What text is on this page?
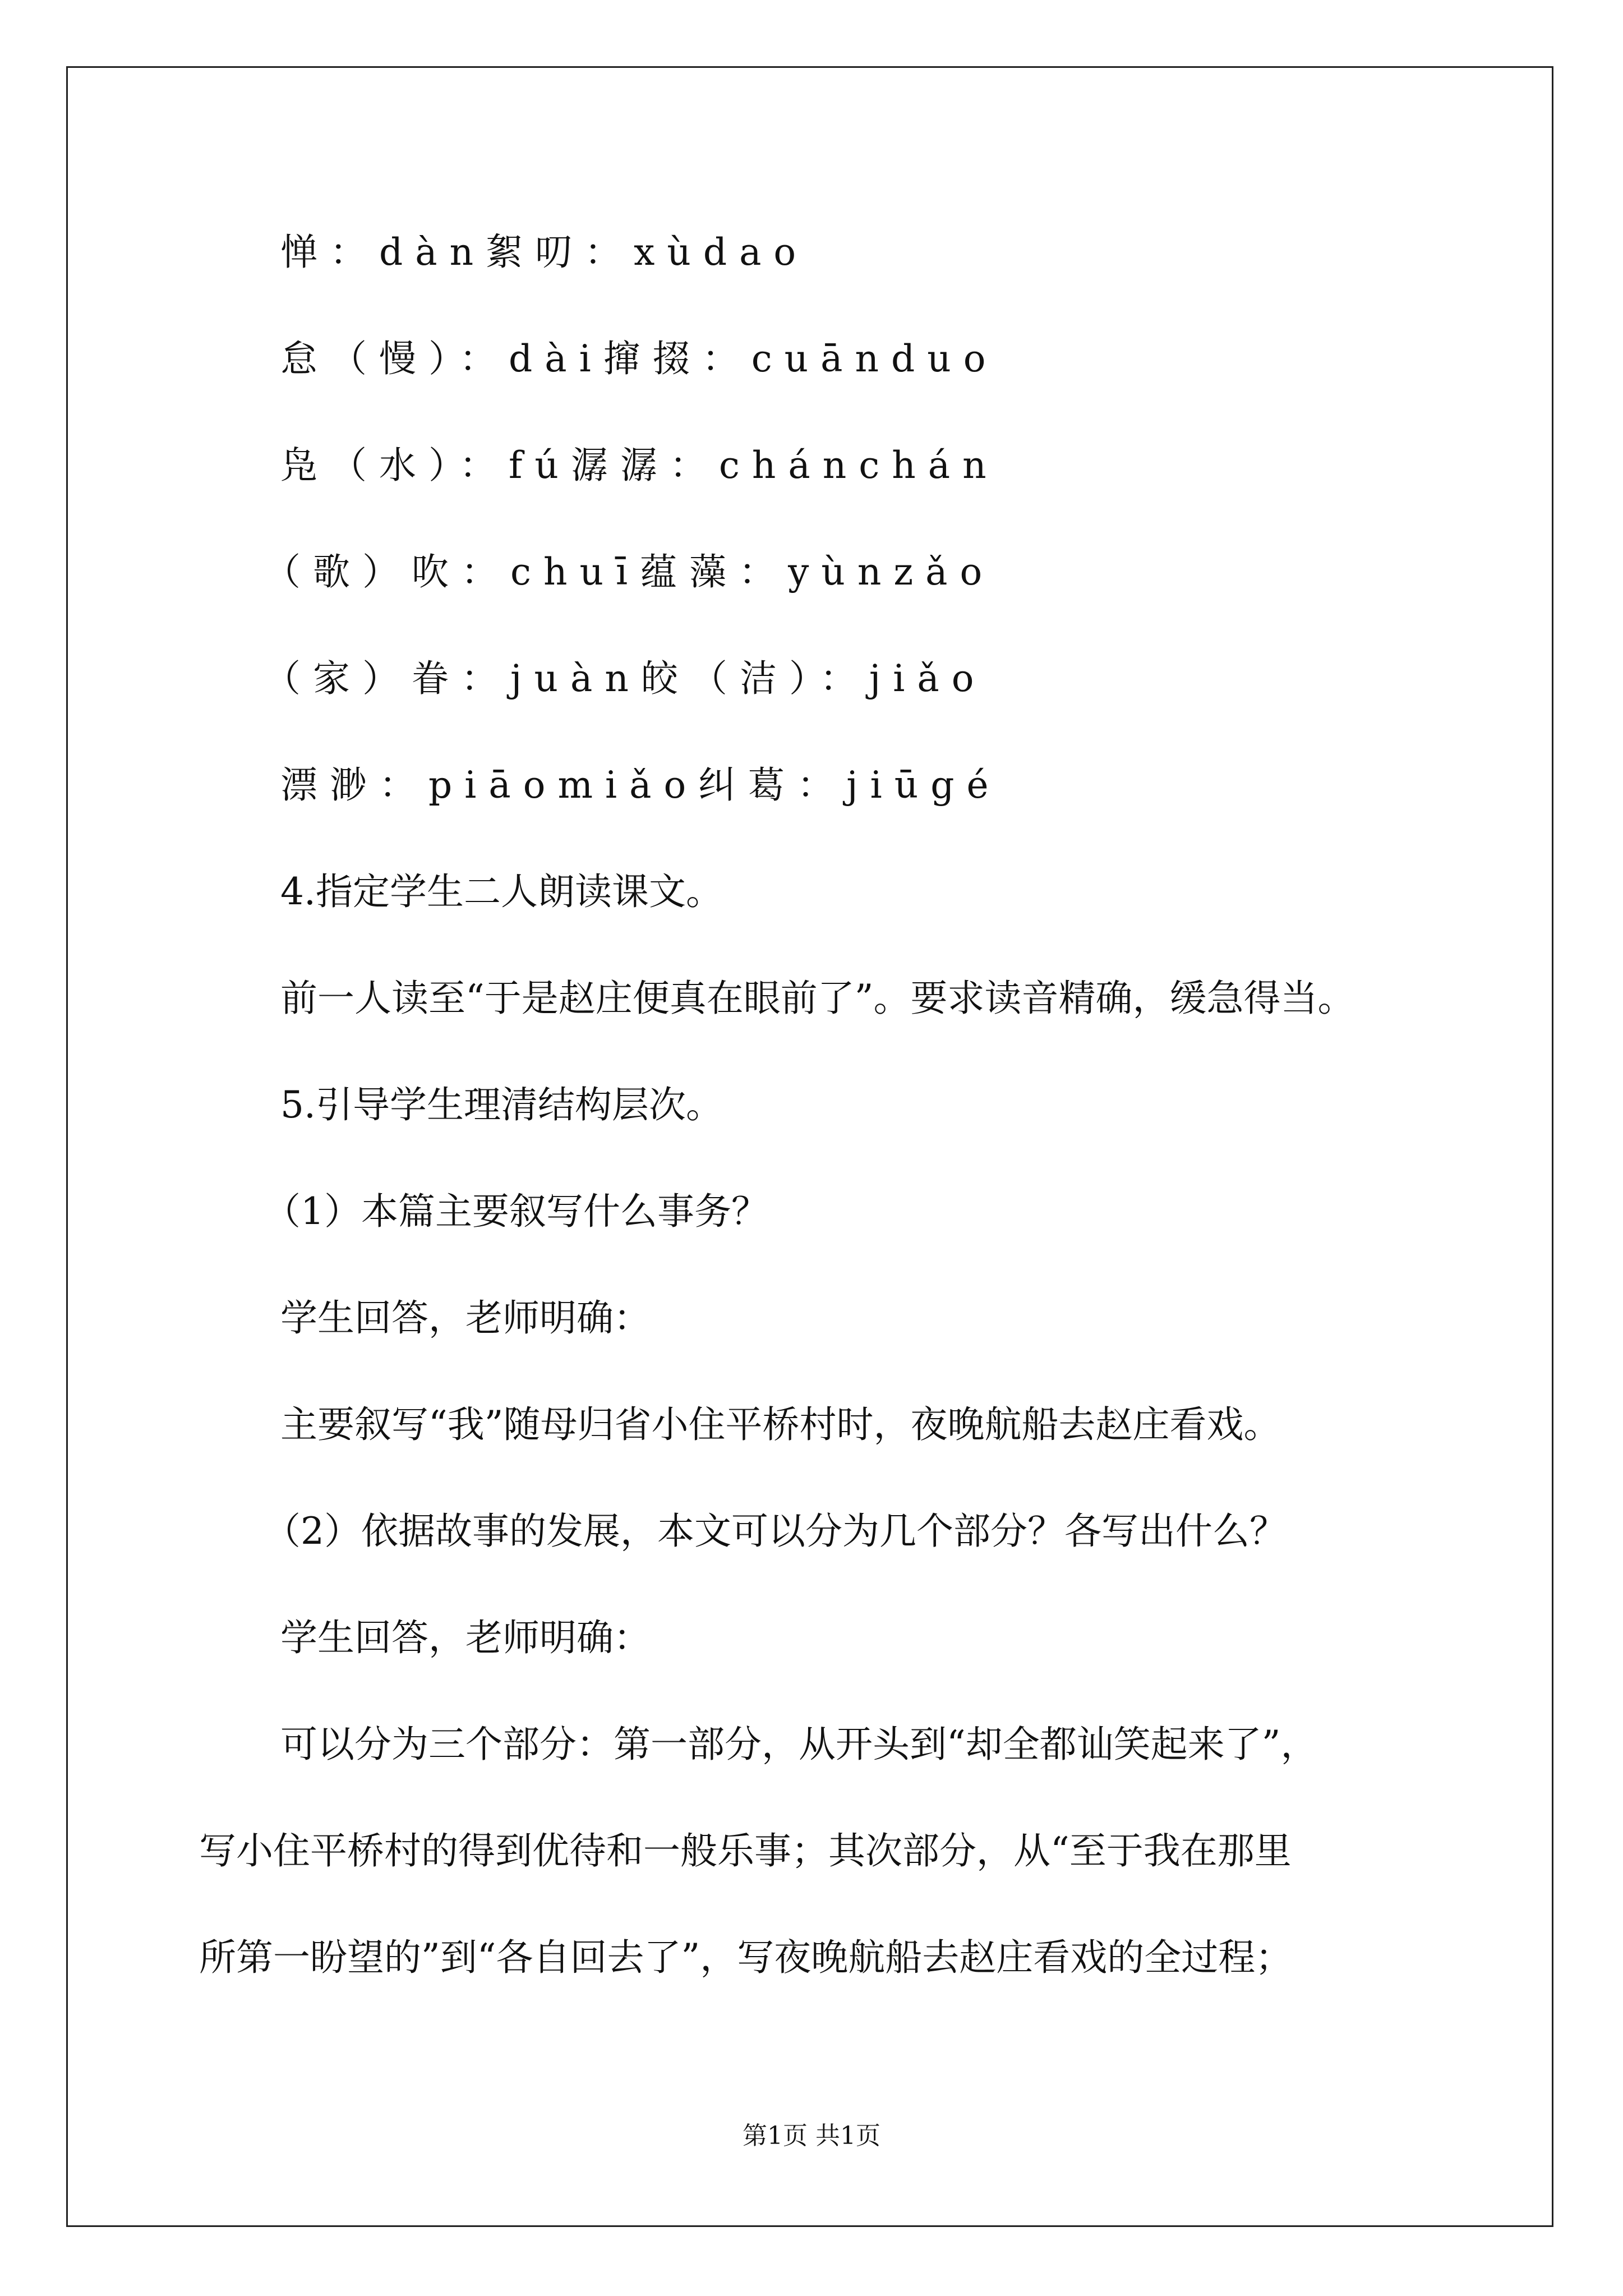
惮：dàn絮叨：xùdao
怠（慢）：dài撺掇：cuānduo
凫（水）：fú潺潺：chánchán
（歌）吹：chuī蕴藻：yùnzǎo
（家）眷：juàn皎（洁）：jiǎo
漂渺：piāomiǎo纠葛：jiūgé
4.指定学生二人朗读课文。
前一人读至“于是赵庄便真在眼前了”。要求读音精确，缓急得当。
5.引导学生理清结构层次。
（1）本篇主要叙写什么事务？
学生回答，老师明确：
主要叙写“我”随母归省小住平桥村时，夜晚航船去赵庄看戏。
（2）依据故事的发展，本文可以分为几个部分？各写出什么？
学生回答，老师明确：
可以分为三个部分：第一部分，从开头到“却全都讪笑起来了”，
写小住平桥村的得到优待和一般乐事；其次部分，从“至于我在那里
所第一盼望的”到“各自回去了”，写夜晚航船去赵庄看戏的全过程；
第1页 共1页
